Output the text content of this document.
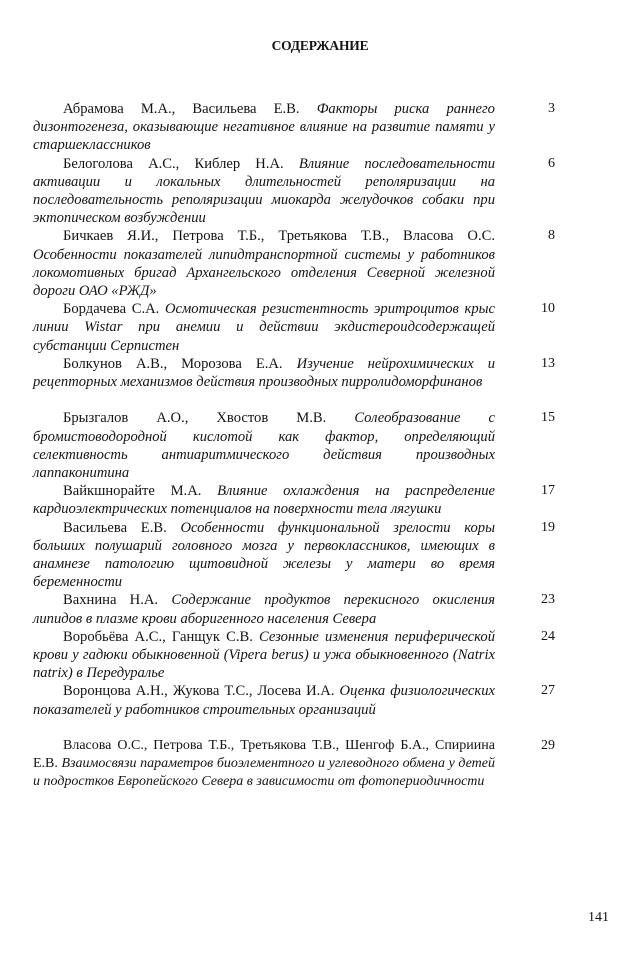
СОДЕРЖАНИЕ
Абрамова М.А., Васильева Е.В. Факторы риска раннего дизонтогенеза, оказывающие негативное влияние на развитие памяти у старшеклассников
3
Белоголова А.С., Киблер Н.А. Влияние последовательности активации и локальных длительностей реполяризации на последовательность реполяризации миокарда желудочков собаки при эктопическом возбуждении
6
Бичкаев Я.И., Петрова Т.Б., Третьякова Т.В., Власова О.С. Особенности показателей липидтранспортной системы у работников локомотивных бригад Архангельского отделения Северной железной дороги ОАО «РЖД»
8
Бордачева С.А. Осмотическая резистентность эритроцитов крыс линии Wistar при анемии и действии экдистероидсодержащей субстанции Серпистен
10
Болкунов А.В., Морозова Е.А. Изучение нейрохимических и рецепторных механизмов действия производных пирролидоморфинанов
13
Брызгалов А.О., Хвостов М.В. Солеобразование с бромистоводородной кислотой как фактор, определяющий селективность антиаритмического действия производных лаппаконитина
15
Вайкшнорайте М.А. Влияние охлаждения на распределение кардиоэлектрических потенциалов на поверхности тела лягушки
17
Васильева Е.В. Особенности функциональной зрелости коры больших полушарий головного мозга у первоклассников, имеющих в анамнезе патологию щитовидной железы у матери во время беременности
19
Вахнина Н.А. Содержание продуктов перекисного окисления липидов в плазме крови аборигенного населения Севера
23
Воробьёва А.С., Ганщук С.В. Сезонные изменения периферической крови у гадюки обыкновенной (Vipera berus) и ужа обыкновенного (Natrix natrix) в Передуралье
24
Воронцова А.Н., Жукова Т.С., Лосева И.А. Оценка физиологических показателей у работников строительных организаций
27
Власова О.С., Петрова Т.Б., Третьякова Т.В., Шенгоф Б.А., Спириина Е.В. Взаимосвязи параметров биоэлементного и углеводного обмена у детей и подростков Европейского Севера в зависимости от фотопериодичности
29
141
